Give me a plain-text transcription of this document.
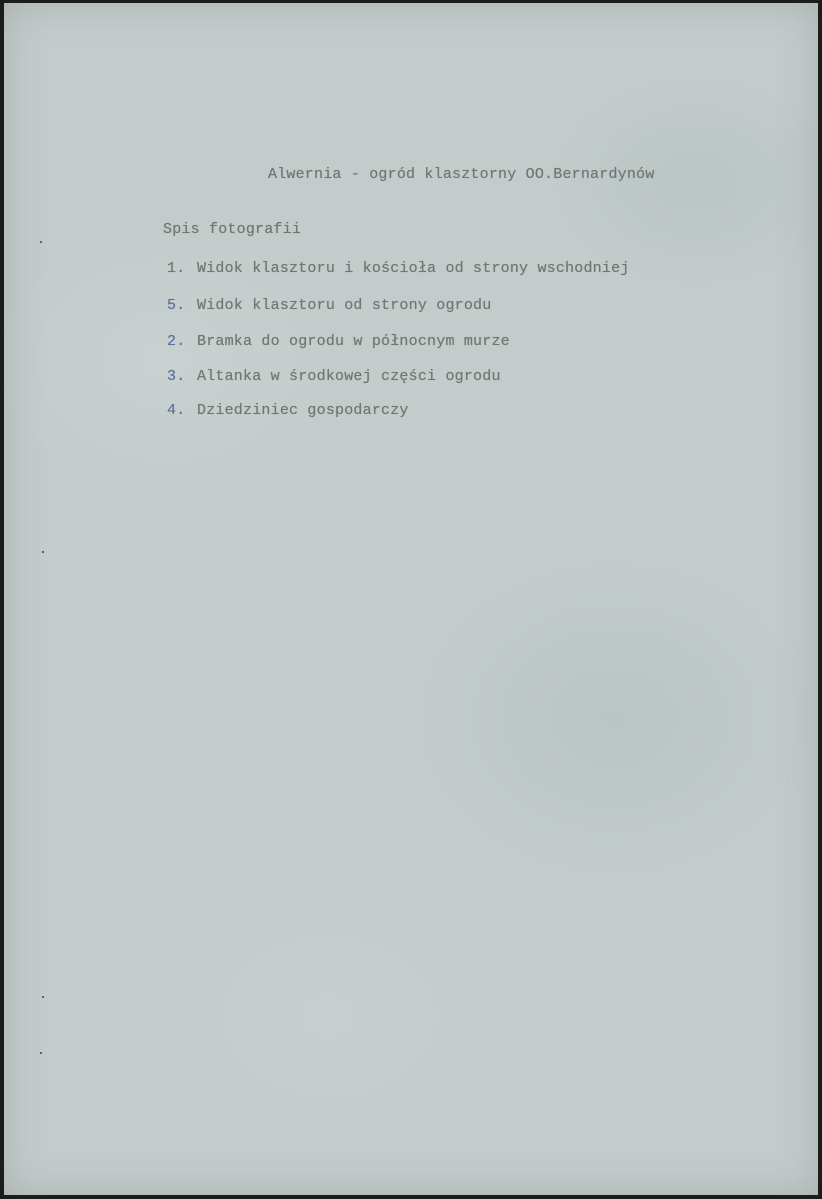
Alwernia - ogród klasztorny OO.Bernardynów
Spis fotografii
1. Widok klasztoru i kościoła od strony wschodniej
5. Widok klasztoru od strony ogrodu
2. Bramka do ogrodu w północnym murze
3. Altanka w środkowej części ogrodu
4. Dziedziniec gospodarczy
